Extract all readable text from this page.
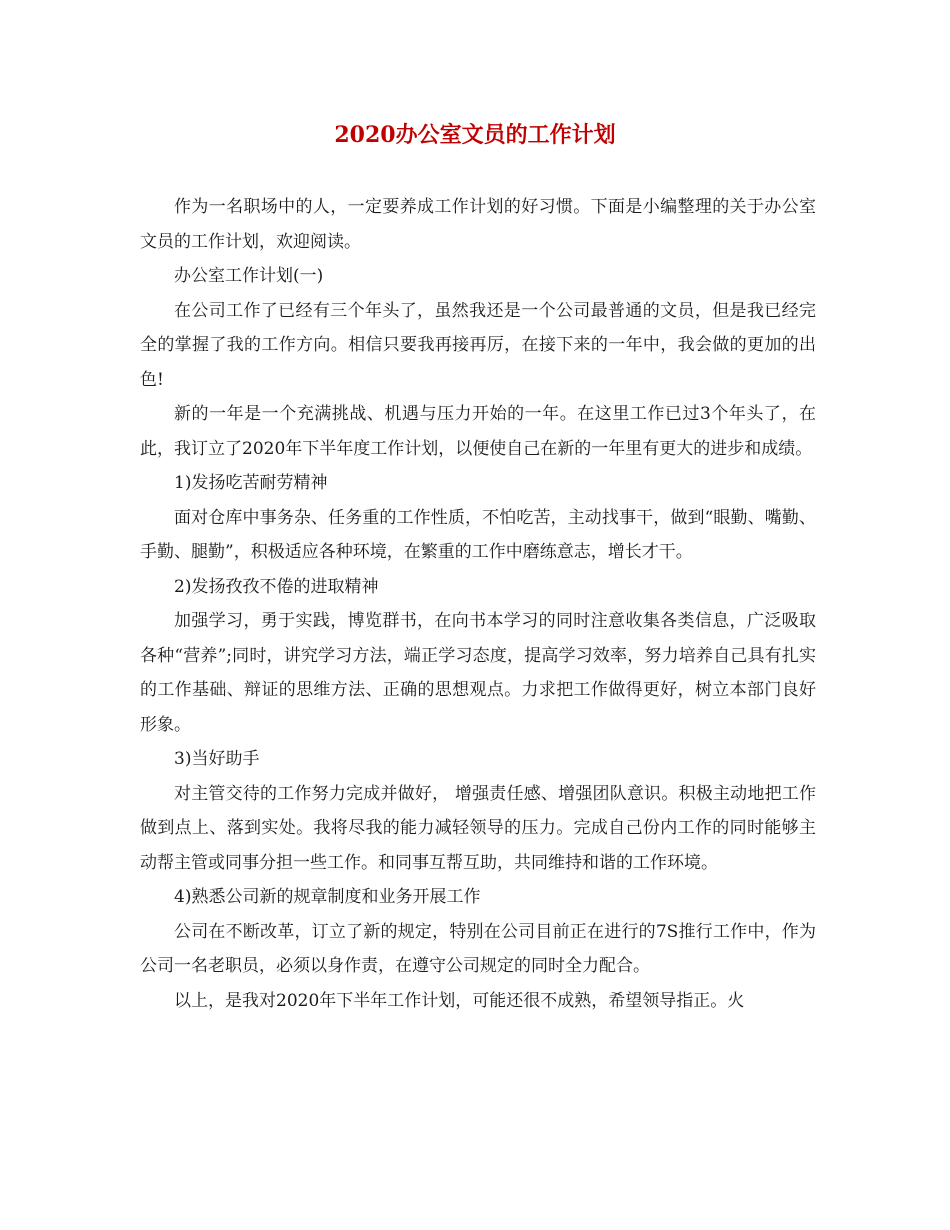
2020办公室文员的工作计划

作为一名职场中的人，一定要养成工作计划的好习惯。下面是小编整理的关于办公室文员的工作计划，欢迎阅读。

办公室工作计划(一)

在公司工作了已经有三个年头了，虽然我还是一个公司最普通的文员，但是我已经完全的掌握了我的工作方向。相信只要我再接再厉，在接下来的一年中，我会做的更加的出色!

新的一年是一个充满挑战、机遇与压力开始的一年。在这里工作已过3个年头了，在此，我订立了2020年下半年度工作计划，以便使自己在新的一年里有更大的进步和成绩。

1)发扬吃苦耐劳精神

面对仓库中事务杂、任务重的工作性质，不怕吃苦，主动找事干，做到“眼勤、嘴勤、手勤、腿勤”，积极适应各种环境，在繁重的工作中磨练意志，增长才干。

2)发扬孜孜不倦的进取精神

加强学习，勇于实践，博览群书，在向书本学习的同时注意收集各类信息，广泛吸取各种“营养”;同时，讲究学习方法，端正学习态度，提高学习效率，努力培养自己具有扎实的工作基础、辩证的思维方法、正确的思想观点。力求把工作做得更好，树立本部门良好形象。

3)当好助手

对主管交待的工作努力完成并做好， 增强责任感、增强团队意识。积极主动地把工作做到点上、落到实处。我将尽我的能力减轻领导的压力。完成自己份内工作的同时能够主动帮主管或同事分担一些工作。和同事互帮互助，共同维持和谐的工作环境。

4)熟悉公司新的规章制度和业务开展工作

公司在不断改革，订立了新的规定，特别在公司目前正在进行的7S推行工作中，作为公司一名老职员，必须以身作责，在遵守公司规定的同时全力配合。

以上，是我对2020年下半年工作计划，可能还很不成熟，希望领导指正。火
